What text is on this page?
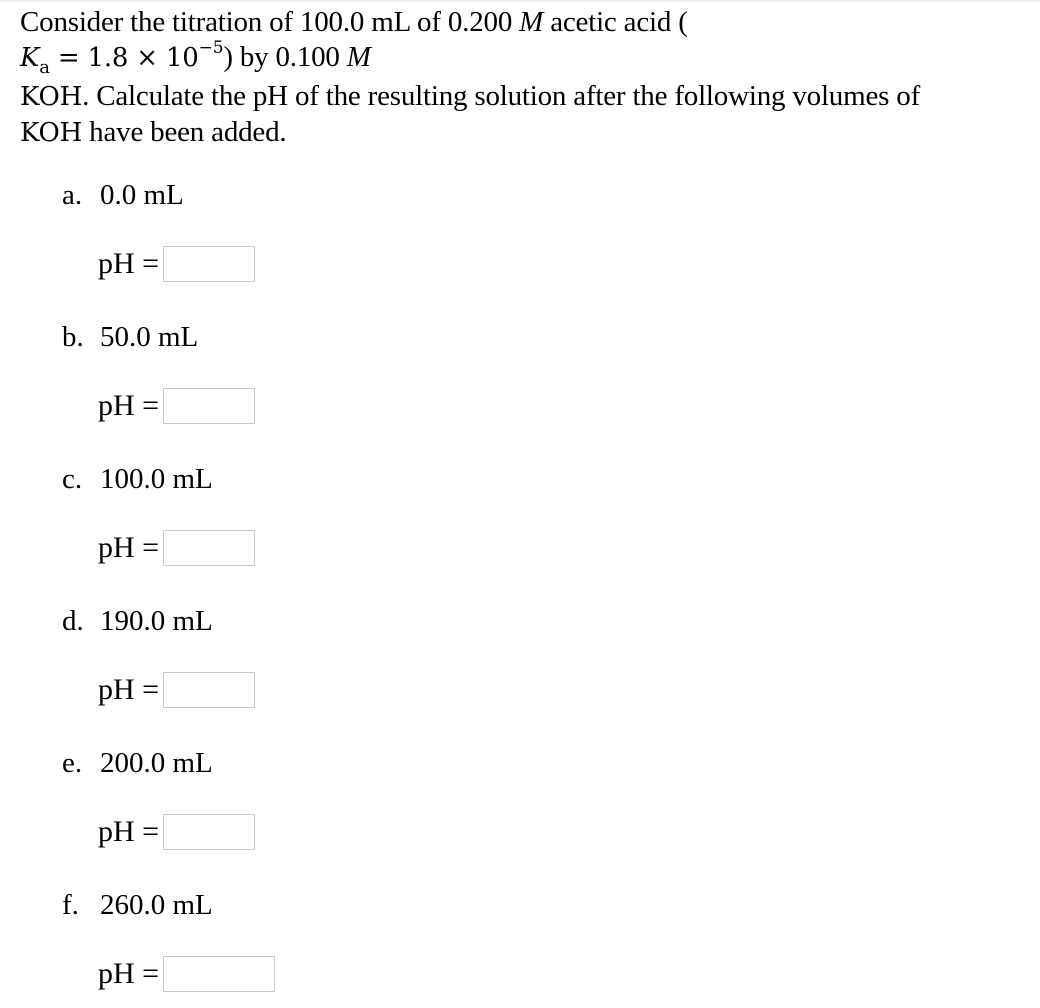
Consider the titration of 100.0 mL of 0.200 M acetic acid (
$K_a = 1.8 \times 10^{-5}$) by 0.100 M
KOH. Calculate the pH of the resulting solution after the following volumes of
KOH have been added.
a. 0.0 mL
pH =
b. 50.0 mL
pH =
c. 100.0 mL
pH =
d. 190.0 mL
pH =
e. 200.0 mL
pH =
f. 260.0 mL
pH =
